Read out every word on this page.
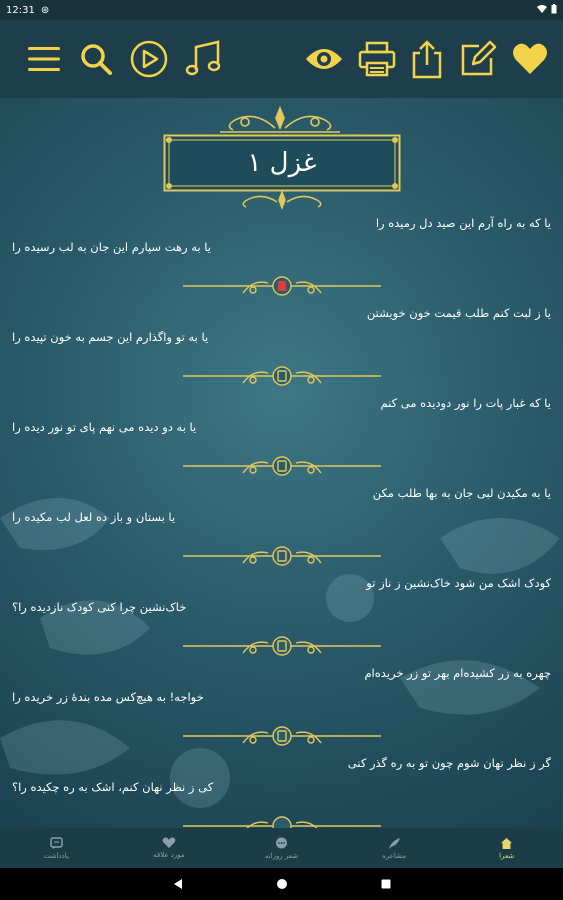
12:31 ⊛
غزل ۱
یا که به راه آرم این صید دل رمیده را
یا به رهت سپارم این جان به لب رسیده را
یا ز لبت کنم طلب قیمت خون خویشتن
یا به تو واگذارم این جسم به خون تپیده را
یا که غبار پات را نور دودیده می کنم
یا به دو دیده می نهم پای تو نور دیده را
یا به مکیدن لبی جان به بها طلب مکن
یا بستان و باز ده لعل لب مکیده را
کودک اشک من شود خاک‌نشین ز ناز تو
خاک‌نشین چرا کنی کودک نازدیده را؟
چهره به زر کشیده‌ام بهر تو زر خریده‌ام
خواجه! به هیچ‌کس مده بندهٔ زر خریده را
گر ز نظر نهان شوم چون تو به ره گذر کنی
کی ز نظر نهان کنم، اشک به ره چکیده را؟
یادداشت	مورد علاقه	شعر روزانه	مشاعره	شعرا
